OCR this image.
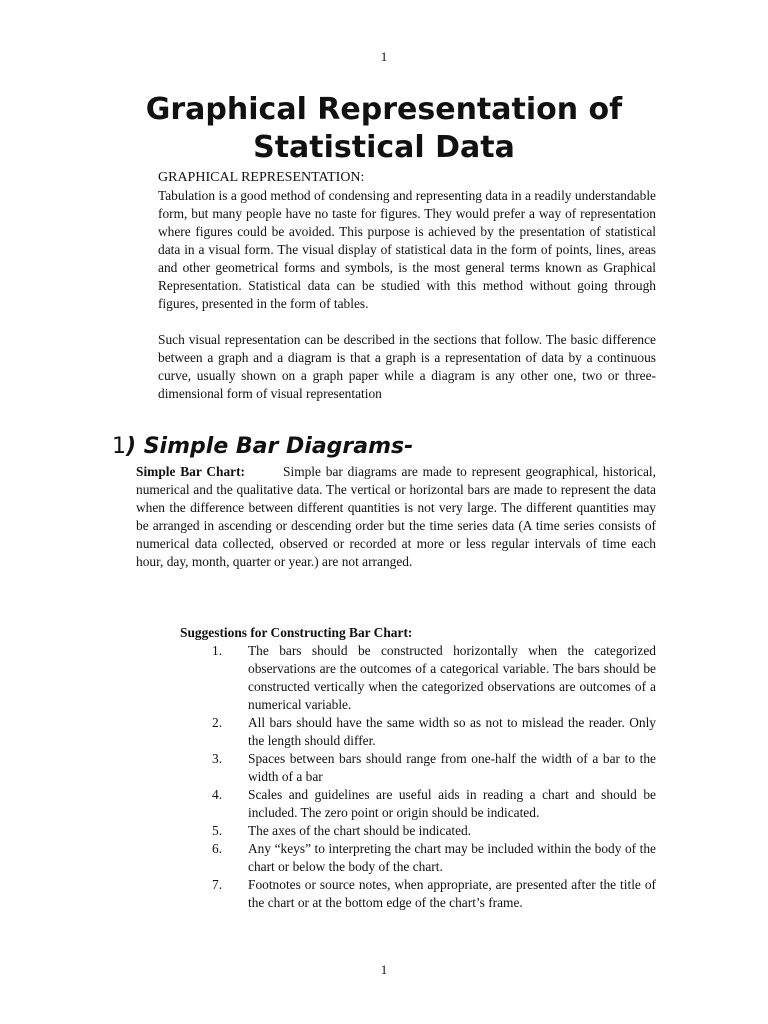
1
Graphical Representation of
Statistical Data
GRAPHICAL REPRESENTATION:

Tabulation is a good method of condensing and representing data in a readily understandable form, but many people have no taste for figures. They would prefer a way of representation where figures could be avoided. This purpose is achieved by the presentation of statistical data in a visual form. The visual display of statistical data in the form of points, lines, areas and other geometrical forms and symbols, is the most general terms known as Graphical Representation. Statistical data can be studied with this method without going through figures, presented in the form of tables.

Such visual representation can be described in the sections that follow. The basic difference between a graph and a diagram is that a graph is a representation of data by a continuous curve, usually shown on a graph paper while a diagram is any other one, two or three-dimensional form of visual representation

1) Simple Bar Diagrams-

Simple Bar Chart:	Simple bar diagrams are made to represent geographical, historical, numerical and the qualitative data. The vertical or horizontal bars are made to represent the data when the difference between different quantities is not very large. The different quantities may be arranged in ascending or descending order but the time series data (A time series consists of numerical data collected, observed or recorded at more or less regular intervals of time each hour, day, month, quarter or year.) are not arranged.

Suggestions for Constructing Bar Chart:
1.	The bars should be constructed horizontally when the categorized observations are the outcomes of a categorical variable. The bars should be constructed vertically when the categorized observations are outcomes of a numerical variable.
2.	All bars should have the same width so as not to mislead the reader. Only the length should differ.
3.	Spaces between bars should range from one-half the width of a bar to the width of a bar
4.	Scales and guidelines are useful aids in reading a chart and should be included. The zero point or origin should be indicated.
5.	The axes of the chart should be indicated.
6.	Any “keys” to interpreting the chart may be included within the body of the chart or below the body of the chart.
7.	Footnotes or source notes, when appropriate, are presented after the title of the chart or at the bottom edge of the chart’s frame.
1
